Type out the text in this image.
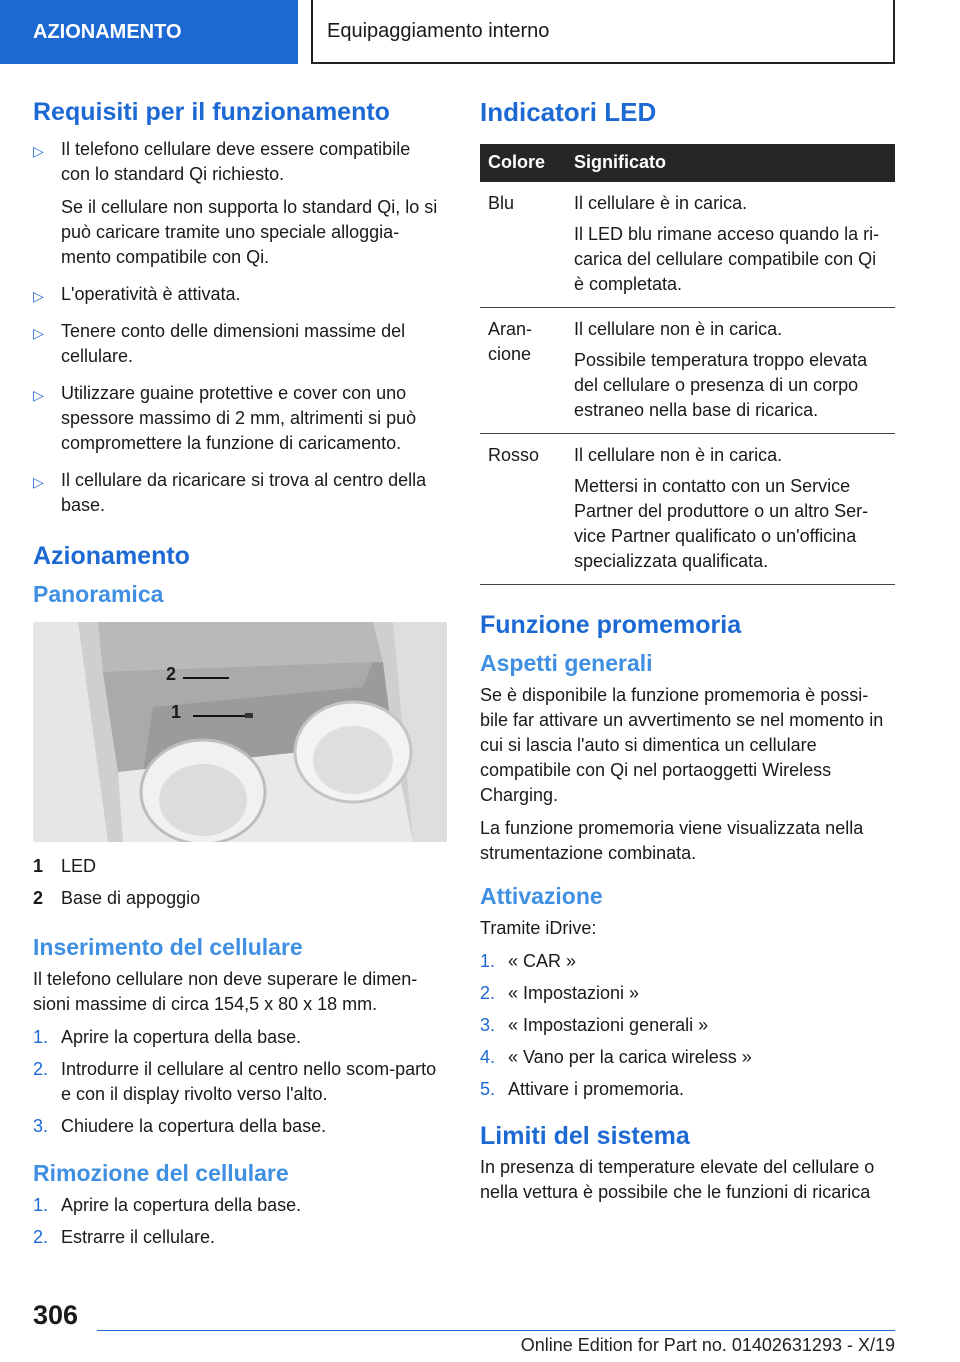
AZIONAMENTO	Equipaggiamento interno
Requisiti per il funzionamento
▷ Il telefono cellulare deve essere compatibile con lo standard Qi richiesto.

Se il cellulare non supporta lo standard Qi, lo si può caricare tramite uno speciale alloggia-mento compatibile con Qi.

▷ L'operatività è attivata.
▷ Tenere conto delle dimensioni massime del cellulare.
▷ Utilizzare guaine protettive e cover con uno spessore massimo di 2 mm, altrimenti si può compromettere la funzione di caricamento.
▷ Il cellulare da ricaricare si trova al centro della base.
Azionamento
Panoramica
2
1
1 LED
2 Base di appoggio
Inserimento del cellulare

Il telefono cellulare non deve superare le dimen-sioni massime di circa 154,5 x 80 x 18 mm.

1. Aprire la copertura della base.
2. Introdurre il cellulare al centro nello scom-parto e con il display rivolto verso l'alto.
3. Chiudere la copertura della base.
Rimozione del cellulare
1. Aprire la copertura della base.
2. Estrarre il cellulare.
Indicatori LED
Colore	Significato
Blu	Il cellulare è in carica.

Il LED blu rimane acceso quando la ri-carica del cellulare compatibile con Qi è completata.

Aran-cione	Il cellulare non è in carica.

Possibile temperatura troppo elevata del cellulare o presenza di un corpo estraneo nella base di ricarica.

Rosso	Il cellulare non è in carica.

Mettersi in contatto con un Service Partner del produttore o un altro Ser-vice Partner qualificato o un'officina specializzata qualificata.

Funzione promemoria
Aspetti generali

Se è disponibile la funzione promemoria è possi-bile far attivare un avvertimento se nel momento in cui si lascia l'auto si dimentica un cellulare compatibile con Qi nel portaoggetti Wireless Charging.

La funzione promemoria viene visualizzata nella strumentazione combinata.

Attivazione

Tramite iDrive:

1. « CAR »
2. « Impostazioni »
3. « Impostazioni generali »
4. « Vano per la carica wireless »
5. Attivare i promemoria.
Limiti del sistema

In presenza di temperature elevate del cellulare o nella vettura è possibile che le funzioni di ricarica

306
Online Edition for Part no. 01402631293 - X/19
